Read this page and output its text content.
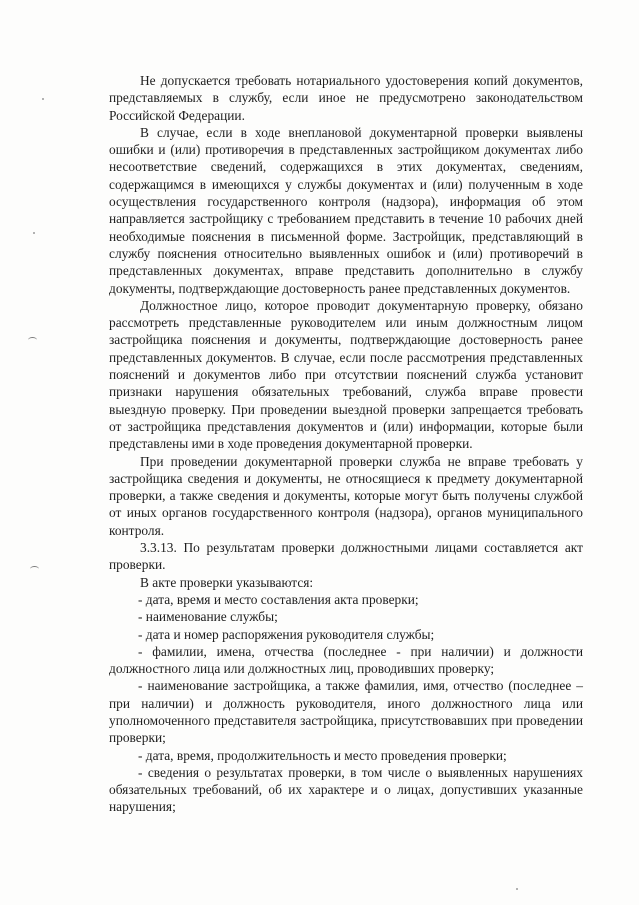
Не допускается требовать нотариального удостоверения копий документов, представляемых в службу, если иное не предусмотрено законодательством Российской Федерации.

В случае, если в ходе внеплановой документарной проверки выявлены ошибки и (или) противоречия в представленных застройщиком документах либо несоответствие сведений, содержащихся в этих документах, сведениям, содержащимся в имеющихся у службы документах и (или) полученным в ходе осуществления государственного контроля (надзора), информация об этом направляется застройщику с требованием представить в течение 10 рабочих дней необходимые пояснения в письменной форме. Застройщик, представляющий в службу пояснения относительно выявленных ошибок и (или) противоречий в представленных документах, вправе представить дополнительно в службу документы, подтверждающие достоверность ранее представленных документов.

Должностное лицо, которое проводит документарную проверку, обязано рассмотреть представленные руководителем или иным должностным лицом застройщика пояснения и документы, подтверждающие достоверность ранее представленных документов. В случае, если после рассмотрения представленных пояснений и документов либо при отсутствии пояснений служба установит признаки нарушения обязательных требований, служба вправе провести выездную проверку. При проведении выездной проверки запрещается требовать от застройщика представления документов и (или) информации, которые были представлены ими в ходе проведения документарной проверки.

При проведении документарной проверки служба не вправе требовать у застройщика сведения и документы, не относящиеся к предмету документарной проверки, а также сведения и документы, которые могут быть получены службой от иных органов государственного контроля (надзора), органов муниципального контроля.

3.3.13. По результатам проверки должностными лицами составляется акт проверки.

В акте проверки указываются:

- дата, время и место составления акта проверки;

- наименование службы;

- дата и номер распоряжения руководителя службы;

- фамилии, имена, отчества (последнее - при наличии) и должности должностного лица или должностных лиц, проводивших проверку;

- наименование застройщика, а также фамилия, имя, отчество (последнее – при наличии) и должность руководителя, иного должностного лица или уполномоченного представителя застройщика, присутствовавших при проведении проверки;

- дата, время, продолжительность и место проведения проверки;

- сведения о результатах проверки, в том числе о выявленных нарушениях обязательных требований, об их характере и о лицах, допустивших указанные нарушения;
